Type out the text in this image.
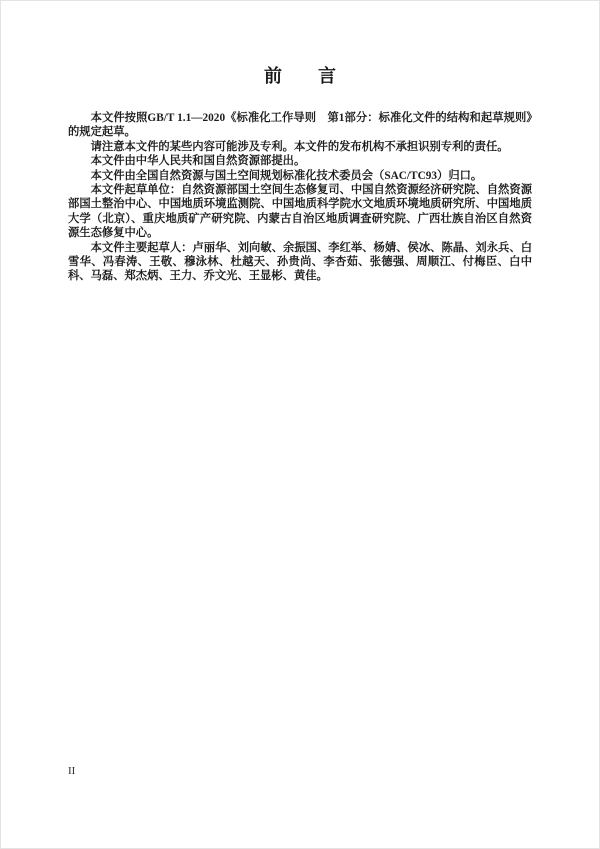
前　　言

本文件按照GB/T 1.1—2020《标准化工作导则　第1部分：标准化文件的结构和起草规则》的规定起草。

请注意本文件的某些内容可能涉及专利。本文件的发布机构不承担识别专利的责任。

本文件由中华人民共和国自然资源部提出。

本文件由全国自然资源与国土空间规划标准化技术委员会（SAC/TC93）归口。

本文件起草单位：自然资源部国土空间生态修复司、中国自然资源经济研究院、自然资源部国土整治中心、中国地质环境监测院、中国地质科学院水文地质环境地质研究所、中国地质大学（北京）、重庆地质矿产研究院、内蒙古自治区地质调查研究院、广西壮族自治区自然资源生态修复中心。

本文件主要起草人：卢丽华、刘向敏、余振国、李红举、杨婧、侯冰、陈晶、刘永兵、白雪华、冯春涛、王敬、穆泳林、杜越天、孙贵尚、李杏茹、张德强、周顺江、付梅臣、白中科、马磊、郑杰炳、王力、乔文光、王显彬、黄佳。

II
